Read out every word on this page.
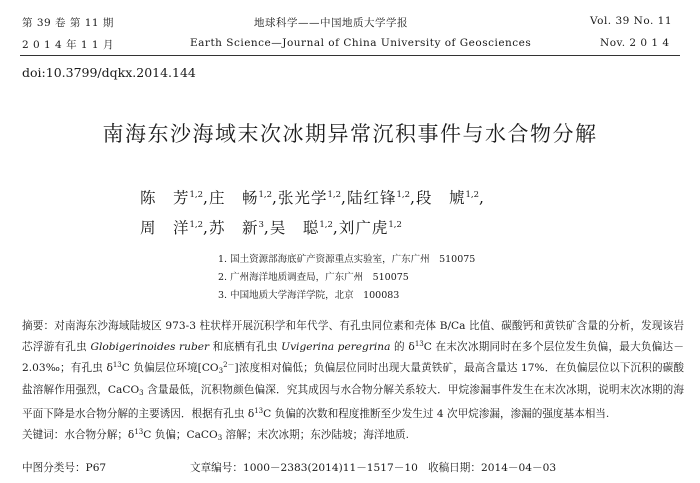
第 39 卷 第 11 期	地球科学——中国地质大学学报	Vol. 39 No. 11
2 0 1 4 年 1 1 月	Earth Science—Journal of China University of Geosciences	Nov. 2 0 1 4
doi:10.3799/dqkx.2014.144
南海东沙海域末次冰期异常沉积事件与水合物分解
陈　芳$^{1,2}$,庄　畅$^{1,2}$,张光学$^{1,2}$,陆红锋$^{1,2}$,段　虓$^{1,2}$,
周　洋$^{1,2}$,苏　新$^3$,吴　聪$^{1,2}$,刘广虎$^{1,2}$
1. 国土资源部海底矿产资源重点实验室，广东广州　510075
2. 广州海洋地质调查局，广东广州　510075
3. 中国地质大学海洋学院，北京　100083

摘要：对南海东沙海域陆坡区 973-3 柱状样开展沉积学和年代学、有孔虫同位素和壳体 B/Ca 比值、碳酸钙和黄铁矿含量的分析，发现该岩芯浮游有孔虫 Globigerinoides ruber 和底栖有孔虫 Uvigerina peregrina 的 $\delta^{13}C$ 在末次冰期同时在多个层位发生负偏，最大负偏达－2.03‰；有孔虫 $\delta^{13}C$ 负偏层位环境$[CO_3^{2-}]$浓度相对偏低；负偏层位同时出现大量黄铁矿，最高含量达 17%．在负偏层位以下沉积的碳酸盐溶解作用强烈，CaCO$_3$ 含量最低，沉积物颜色偏深．究其成因与水合物分解关系较大．甲烷渗漏事件发生在末次冰期，说明末次冰期的海平面下降是水合物分解的主要诱因．根据有孔虫 $\delta^{13}C$ 负偏的次数和程度推断至少发生过 4 次甲烷渗漏，渗漏的强度基本相当.

关键词：水合物分解；$\delta^{13}C$ 负偏；CaCO$_3$ 溶解；末次冰期；东沙陆坡；海洋地质.

中图分类号：P67	文章编号：1000－2383(2014)11－1517－10 收稿日期：2014－04－03
